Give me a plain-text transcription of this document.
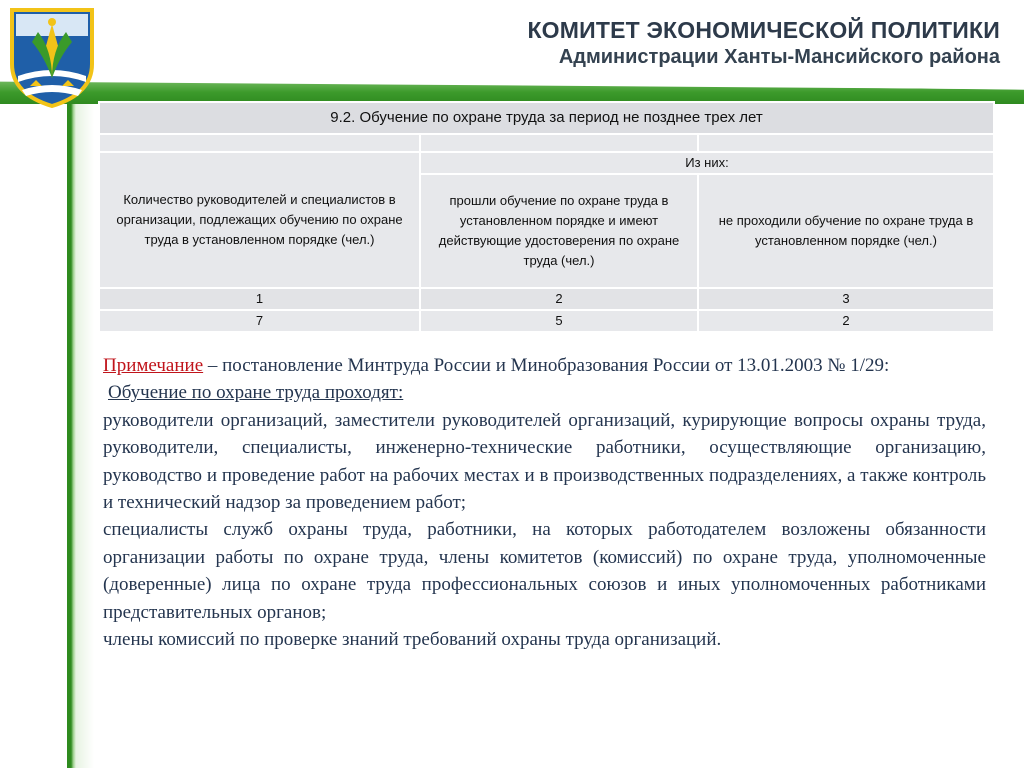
КОМИТЕТ ЭКОНОМИЧЕСКОЙ ПОЛИТИКИ
Администрации Ханты-Мансийского района
9.2. Обучение по охране труда за период не позднее трех лет		

Количество руководителей и специалистов в организации, подлежащих обучению по охране труда в установленном порядке (чел.)	Из них:	
	прошли обучение по охране труда в установленном порядке и имеют действующие удостоверения по охране труда (чел.)	не проходили обучение по охране труда в установленном порядке (чел.)
1	2	3
7	5	2

Примечание – постановление Минтруда России и Минобразования России от 13.01.2003 № 1/29:

Обучение по охране труда проходят:

руководители организаций, заместители руководителей организаций, курирующие вопросы охраны труда, руководители, специалисты, инженерно-технические работники, осуществляющие организацию, руководство и проведение работ на рабочих местах и в производственных подразделениях, а также контроль и технический надзор за проведением работ;

специалисты служб охраны труда, работники, на которых работодателем возложены обязанности организации работы по охране труда, члены комитетов (комиссий) по охране труда, уполномоченные (доверенные) лица по охране труда профессиональных союзов и иных уполномоченных работниками представительных органов;

члены комиссий по проверке знаний требований охраны труда организаций.
